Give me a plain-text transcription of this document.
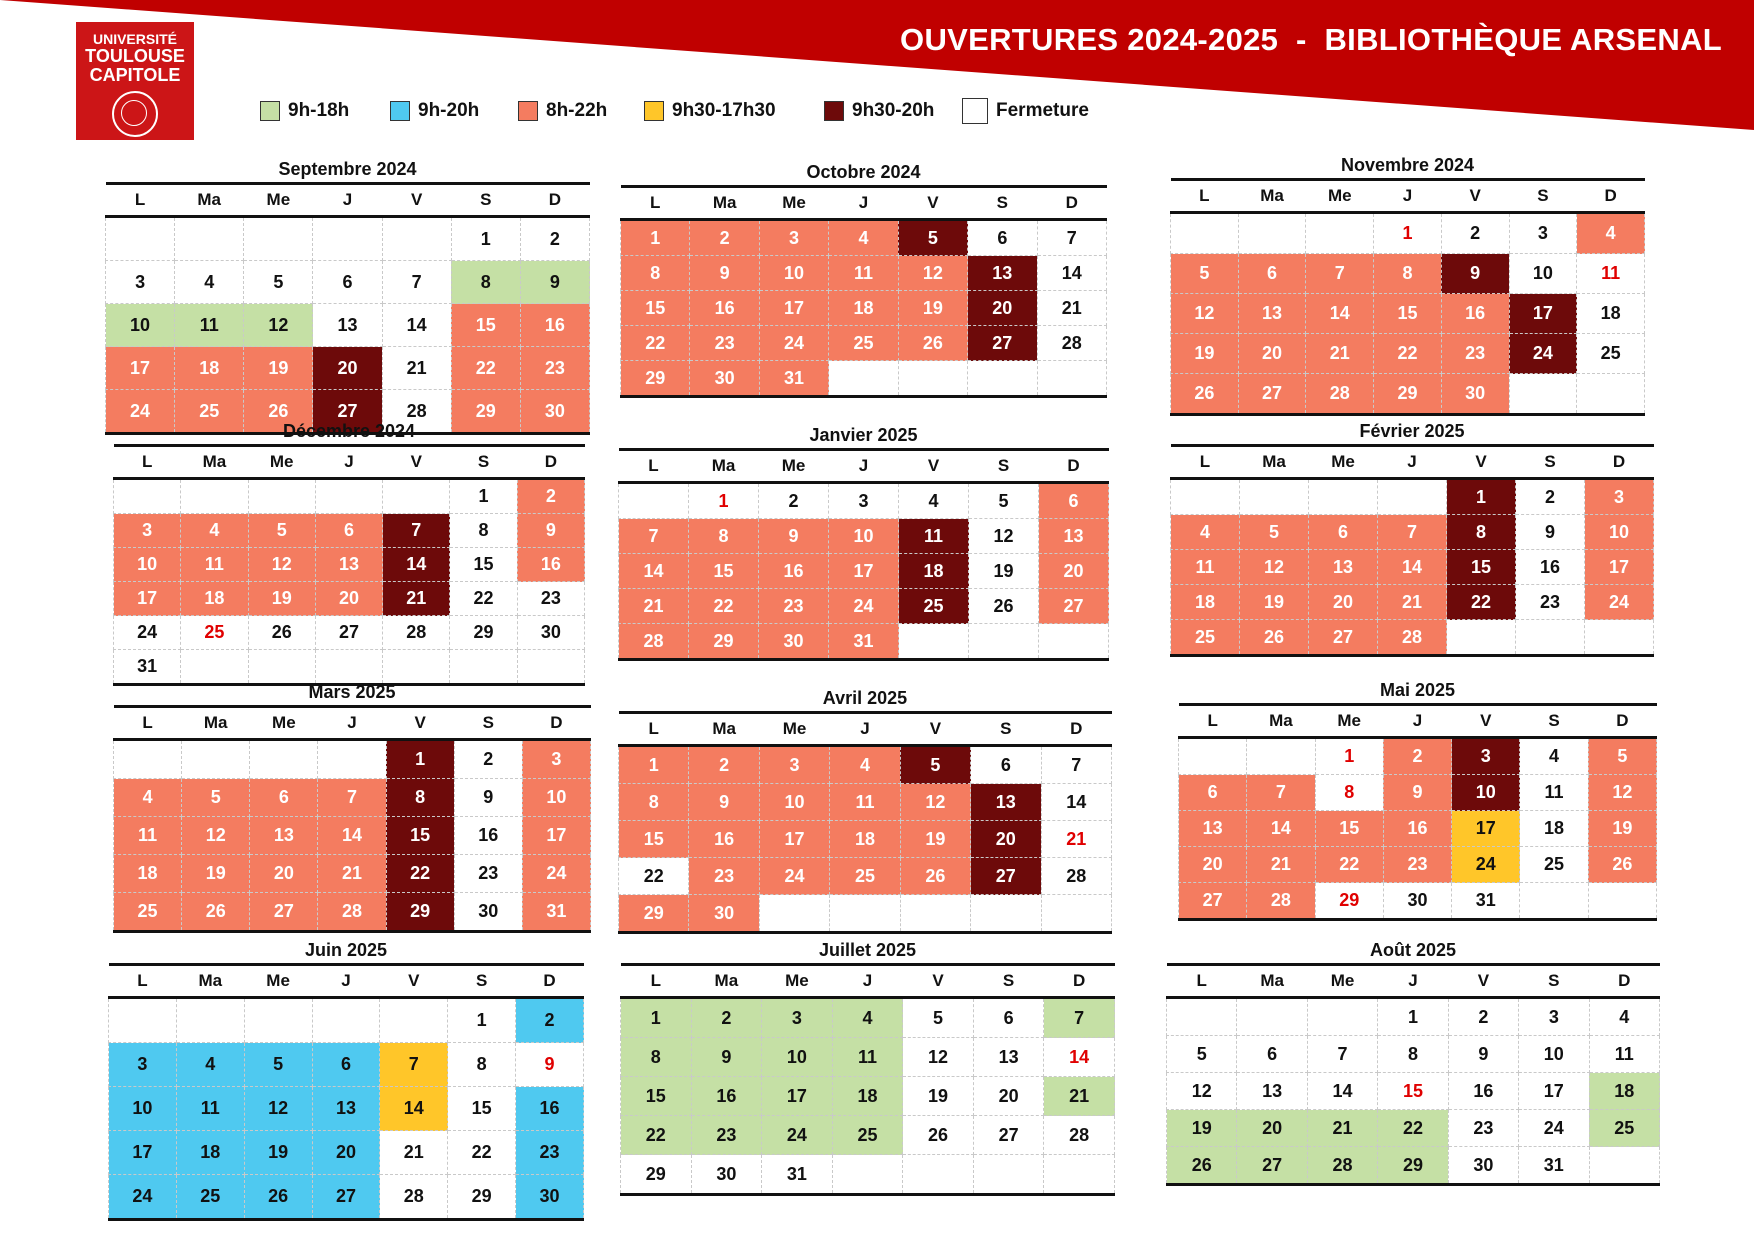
OUVERTURES 2024-2025  -  BIBLIOTHÈQUE ARSENAL
UNIVERSITÉ
TOULOUSE
CAPITOLE
9h-18h	9h-20h	8h-22h	9h30-17h30	9h30-20h	Fermeture
Septembre 2024
L	Ma	Me	J	V	S	D
					1	2
3	4	5	6	7	8	9
10	11	12	13	14	15	16
17	18	19	20	21	22	23
24	25	26	27	28	29	30
Octobre 2024
L	Ma	Me	J	V	S	D
1	2	3	4	5	6	7
8	9	10	11	12	13	14
15	16	17	18	19	20	21
22	23	24	25	26	27	28
29	30	31				
Novembre 2024
L	Ma	Me	J	V	S	D
			1	2	3	4
5	6	7	8	9	10	11
12	13	14	15	16	17	18
19	20	21	22	23	24	25
26	27	28	29	30		
Décembre 2024
L	Ma	Me	J	V	S	D
					1	2
3	4	5	6	7	8	9
10	11	12	13	14	15	16
17	18	19	20	21	22	23
24	25	26	27	28	29	30
31						
Janvier 2025
L	Ma	Me	J	V	S	D
	1	2	3	4	5	6
7	8	9	10	11	12	13
14	15	16	17	18	19	20
21	22	23	24	25	26	27
28	29	30	31			
Février 2025
L	Ma	Me	J	V	S	D
				1	2	3
4	5	6	7	8	9	10
11	12	13	14	15	16	17
18	19	20	21	22	23	24
25	26	27	28			
Mars 2025
L	Ma	Me	J	V	S	D
				1	2	3
4	5	6	7	8	9	10
11	12	13	14	15	16	17
18	19	20	21	22	23	24
25	26	27	28	29	30	31
Avril 2025
L	Ma	Me	J	V	S	D
1	2	3	4	5	6	7
8	9	10	11	12	13	14
15	16	17	18	19	20	21
22	23	24	25	26	27	28
29	30					
Mai 2025
L	Ma	Me	J	V	S	D
		1	2	3	4	5
6	7	8	9	10	11	12
13	14	15	16	17	18	19
20	21	22	23	24	25	26
27	28	29	30	31		
Juin 2025
L	Ma	Me	J	V	S	D
					1	2
3	4	5	6	7	8	9
10	11	12	13	14	15	16
17	18	19	20	21	22	23
24	25	26	27	28	29	30
Juillet 2025
L	Ma	Me	J	V	S	D
1	2	3	4	5	6	7
8	9	10	11	12	13	14
15	16	17	18	19	20	21
22	23	24	25	26	27	28
29	30	31				
Août 2025
L	Ma	Me	J	V	S	D
			1	2	3	4
5	6	7	8	9	10	11
12	13	14	15	16	17	18
19	20	21	22	23	24	25
26	27	28	29	30	31	
